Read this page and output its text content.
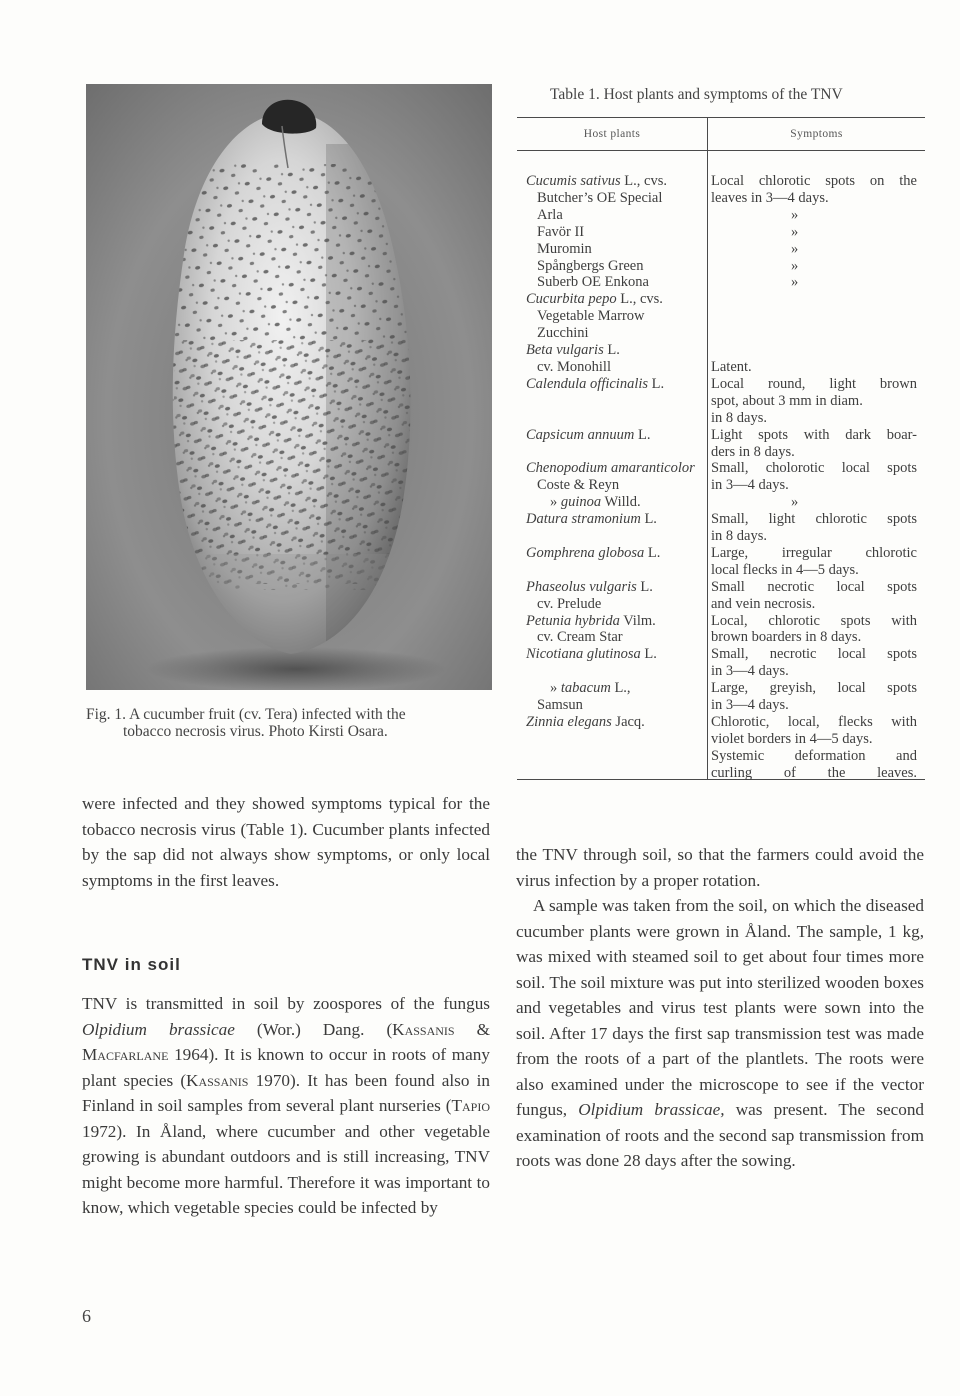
Fig. 1. A cucumber fruit (cv. Tera) infected with the
tobacco necrosis virus. Photo Kirsti Osara.
Table 1. Host plants and symptoms of the TNV
Host plants	Symptoms
Cucumis sativus L., cvs.
Butcher’s OE Special
Arla
Favör II
Muromin
Spångbergs Green
Suberb OE Enkona
Cucurbita pepo L., cvs.
Vegetable Marrow
Zucchini
Beta vulgaris L.
cv. Monohill
Calendula officinalis L.

Capsicum annuum L.

Chenopodium amaranticolor
Coste & Reyn
» guinoa Willd.
Datura stramonium L.

Gomphrena globosa L.

Phaseolus vulgaris L.
cv. Prelude
Petunia hybrida Vilm.
cv. Cream Star
Nicotiana glutinosa L.

» tabacum L.,
Samsun
Zinnia elegans Jacq.
Local chlorotic spots on the
leaves in 3—4 days.
»
»
»
»
»

Latent.
Local round, light brown
spot, about 3 mm in diam.
in 8 days.
Light spots with dark boar-
ders in 8 days.
Small, cholorotic local spots
in 3—4 days.
»
Small, light chlorotic spots
in 8 days.
Large, irregular chlorotic
local flecks in 4—5 days.
Small necrotic local spots
and vein necrosis.
Local, chlorotic spots with
brown boarders in 8 days.
Small, necrotic local spots
in 3—4 days.
Large, greyish, local spots
in 3—4 days.
Chlorotic, local, flecks with
violet borders in 4—5 days.
Systemic deformation and
curling of the leaves.

were infected and they showed symptoms typical for the tobacco necrosis virus (Table 1). Cucumber plants infected by the sap did not always show symptoms, or only local symptoms in the first leaves.

TNV in soil

TNV is transmitted in soil by zoospores of the fungus Olpidium brassicae (Wor.) Dang. (Kassanis & Macfarlane 1964). It is known to occur in roots of many plant species (Kassanis 1970). It has been found also in Finland in soil samples from several plant nurseries (Tapio 1972). In Åland, where cucumber and other vegetable growing is abundant outdoors and is still increasing, TNV might become more harmful. Therefore it was important to know, which vegetable species could be infected by

the TNV through soil, so that the farmers could avoid the virus infection by a proper rotation.

A sample was taken from the soil, on which the diseased cucumber plants were grown in Åland. The sample, 1 kg, was mixed with steamed soil to get about four times more soil. The soil mixture was put into sterilized wooden boxes and vegetables and virus test plants were sown into the soil. After 17 days the first sap transmission test was made from the roots of a part of the plantlets. The roots were also examined under the microscope to see if the vector fungus, Olpidium brassicae, was present. The second examination of roots and the second sap transmission from roots was done 28 days after the sowing.

6
